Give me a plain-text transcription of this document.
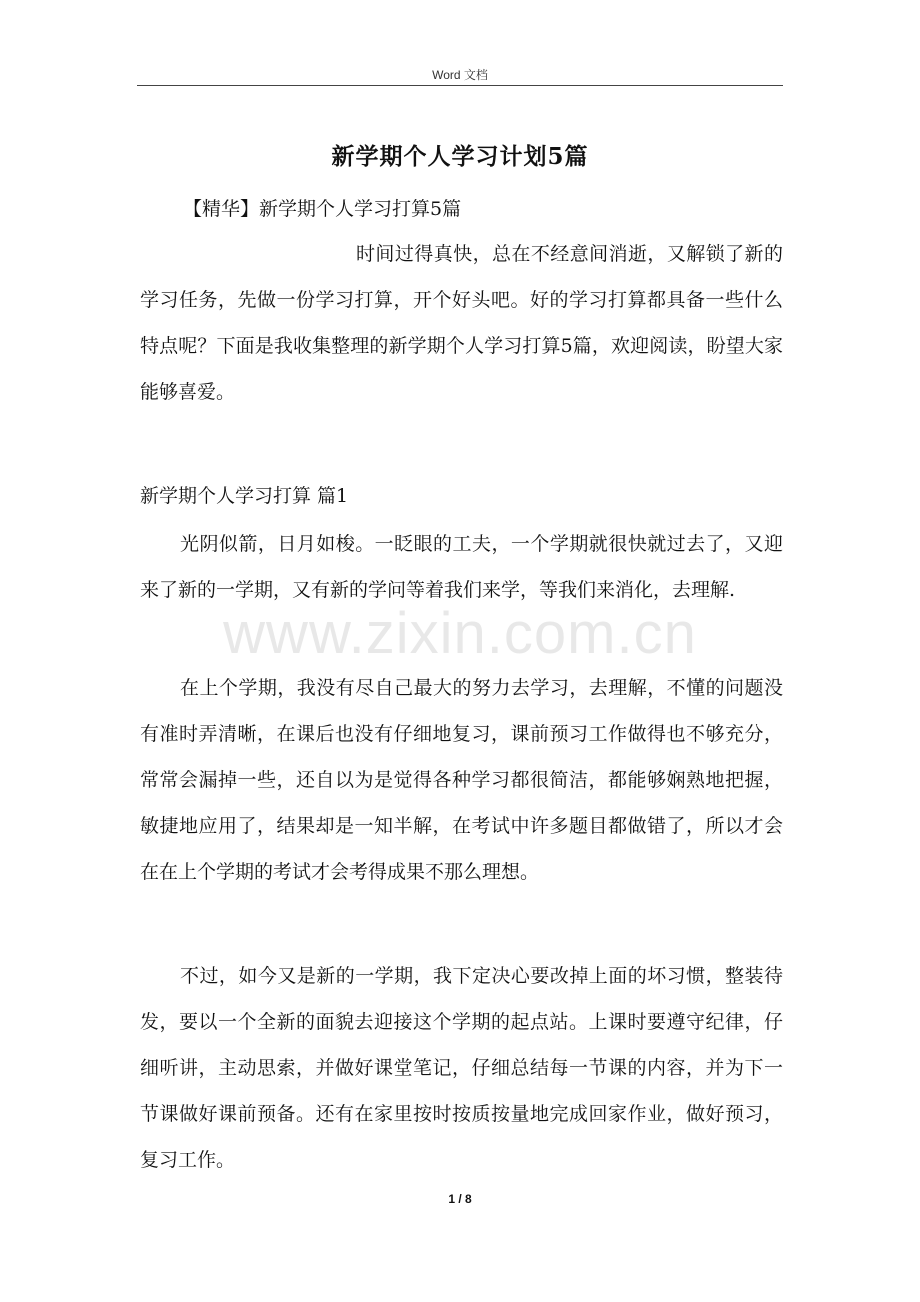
Word 文档
新学期个人学习计划5篇
【精华】新学期个人学习打算5篇

时间过得真快，总在不经意间消逝，又解锁了新的学习任务，先做一份学习打算，开个好头吧。好的学习打算都具备一些什么特点呢？下面是我收集整理的新学期个人学习打算5篇，欢迎阅读，盼望大家能够喜爱。

新学期个人学习打算 篇1

光阴似箭，日月如梭。一眨眼的工夫，一个学期就很快就过去了，又迎来了新的一学期，又有新的学问等着我们来学，等我们来消化，去理解.

在上个学期，我没有尽自己最大的努力去学习，去理解，不懂的问题没有准时弄清晰，在课后也没有仔细地复习，课前预习工作做得也不够充分，常常会漏掉一些，还自以为是觉得各种学习都很简洁，都能够娴熟地把握，敏捷地应用了，结果却是一知半解，在考试中许多题目都做错了，所以才会在在上个学期的考试才会考得成果不那么理想。

不过，如今又是新的一学期，我下定决心要改掉上面的坏习惯，整装待发，要以一个全新的面貌去迎接这个学期的起点站。上课时要遵守纪律，仔细听讲，主动思索，并做好课堂笔记，仔细总结每一节课的内容，并为下一节课做好课前预备。还有在家里按时按质按量地完成回家作业，做好预习，复习工作。

www.zixin.com.cn
1 / 8
